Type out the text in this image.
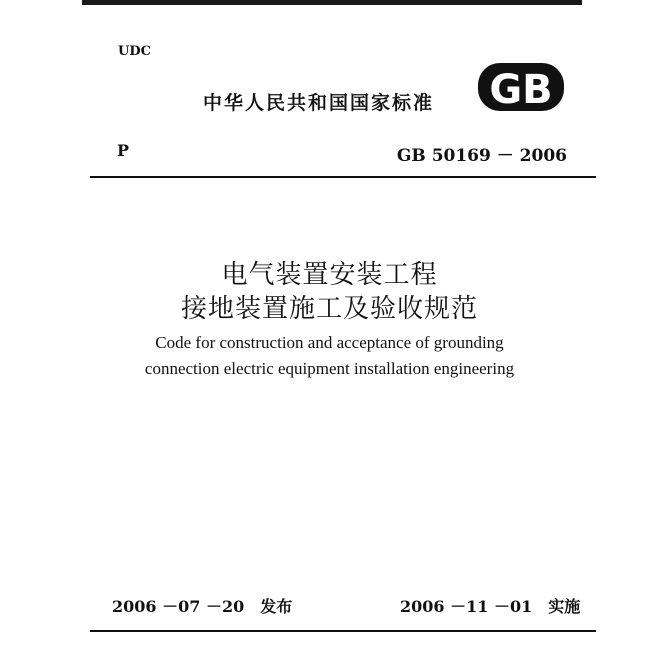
UDC
中华人民共和国国家标准 GB
P	GB 50169 － 2006
电气装置安装工程
接地装置施工及验收规范
Code for construction and acceptance of grounding
connection electric equipment installation engineering
2006 －07 －20　发布	2006 －11 －01　实施
